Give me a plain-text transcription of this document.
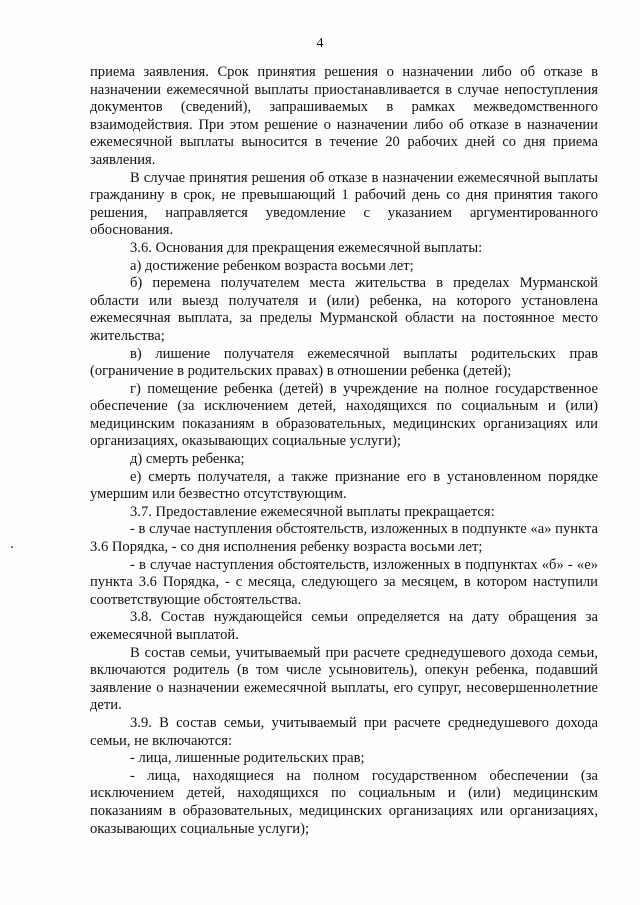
4

приема заявления. Срок принятия решения о назначении либо об отказе в назначении ежемесячной выплаты приостанавливается в случае непоступления документов (сведений), запрашиваемых в рамках межведомственного взаимодействия. При этом решение о назначении либо об отказе в назначении ежемесячной выплаты выносится в течение 20 рабочих дней со дня приема заявления.

В случае принятия решения об отказе в назначении ежемесячной выплаты гражданину в срок, не превышающий 1 рабочий день со дня принятия такого решения, направляется уведомление с указанием аргументированного обоснования.

3.6. Основания для прекращения ежемесячной выплаты:

а) достижение ребенком возраста восьми лет;

б) перемена получателем места жительства в пределах Мурманской области или выезд получателя и (или) ребенка, на которого установлена ежемесячная выплата, за пределы Мурманской области на постоянное место жительства;

в) лишение получателя ежемесячной выплаты родительских прав (ограничение в родительских правах) в отношении ребенка (детей);

г) помещение ребенка (детей) в учреждение на полное государственное обеспечение (за исключением детей, находящихся по социальным и (или) медицинским показаниям в образовательных, медицинских организациях или организациях, оказывающих социальные услуги);

д) смерть ребенка;

е) смерть получателя, а также признание его в установленном порядке умершим или безвестно отсутствующим.

3.7. Предоставление ежемесячной выплаты прекращается:

- в случае наступления обстоятельств, изложенных в подпункте «а» пункта 3.6 Порядка, - со дня исполнения ребенку возраста восьми лет;

- в случае наступления обстоятельств, изложенных в подпунктах «б» - «е» пункта 3.6 Порядка, - с месяца, следующего за месяцем, в котором наступили соответствующие обстоятельства.

3.8. Состав нуждающейся семьи определяется на дату обращения за ежемесячной выплатой.

В состав семьи, учитываемый при расчете среднедушевого дохода семьи, включаются родитель (в том числе усыновитель), опекун ребенка, подавший заявление о назначении ежемесячной выплаты, его супруг, несовершеннолетние дети.

3.9. В состав семьи, учитываемый при расчете среднедушевого дохода семьи, не включаются:

- лица, лишенные родительских прав;

- лица, находящиеся на полном государственном обеспечении (за исключением детей, находящихся по социальным и (или) медицинским показаниям в образовательных, медицинских организациях или организациях, оказывающих социальные услуги);
